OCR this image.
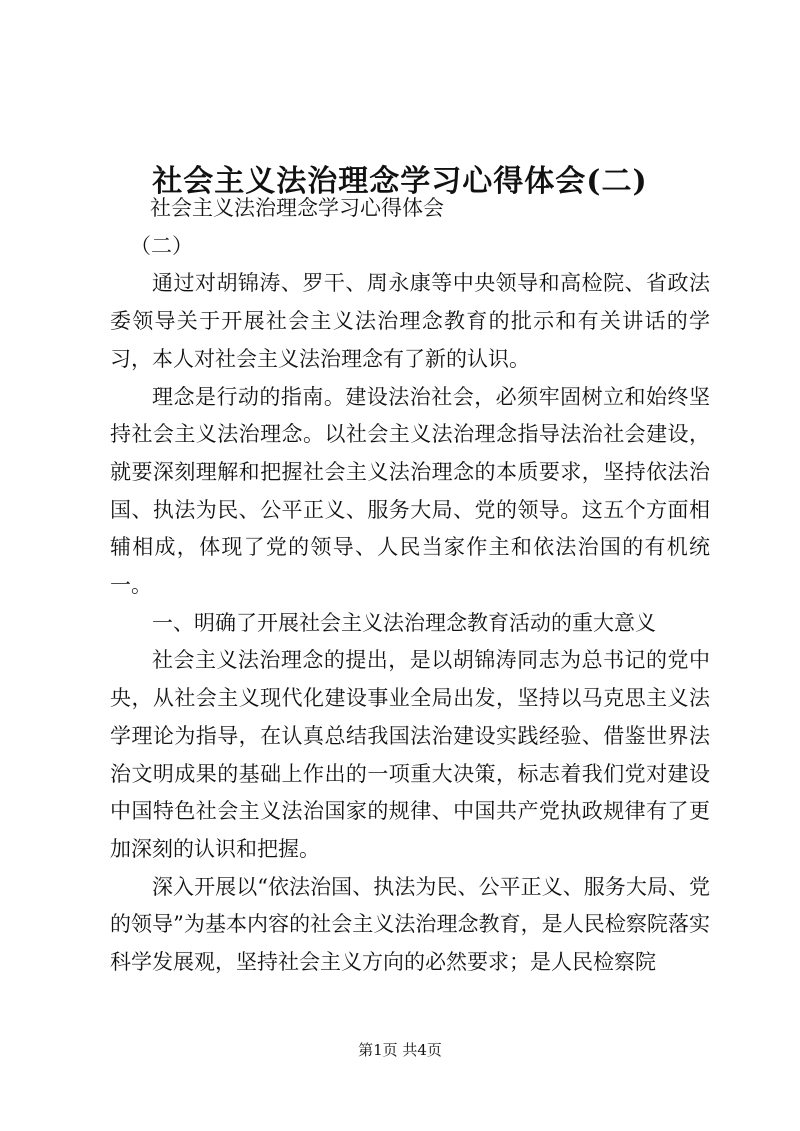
社会主义法治理念学习心得体会(二)

社会主义法治理念学习心得体会

（二）

通过对胡锦涛、罗干、周永康等中央领导和高检院、省政法委领导关于开展社会主义法治理念教育的批示和有关讲话的学习，本人对社会主义法治理念有了新的认识。

理念是行动的指南。建设法治社会，必须牢固树立和始终坚持社会主义法治理念。以社会主义法治理念指导法治社会建设，就要深刻理解和把握社会主义法治理念的本质要求，坚持依法治国、执法为民、公平正义、服务大局、党的领导。这五个方面相辅相成，体现了党的领导、人民当家作主和依法治国的有机统一。

一、明确了开展社会主义法治理念教育活动的重大意义

社会主义法治理念的提出，是以胡锦涛同志为总书记的党中央，从社会主义现代化建设事业全局出发，坚持以马克思主义法学理论为指导，在认真总结我国法治建设实践经验、借鉴世界法治文明成果的基础上作出的一项重大决策，标志着我们党对建设中国特色社会主义法治国家的规律、中国共产党执政规律有了更加深刻的认识和把握。

深入开展以“依法治国、执法为民、公平正义、服务大局、党的领导”为基本内容的社会主义法治理念教育，是人民检察院落实科学发展观，坚持社会主义方向的必然要求；是人民检察院

第1页 共4页
